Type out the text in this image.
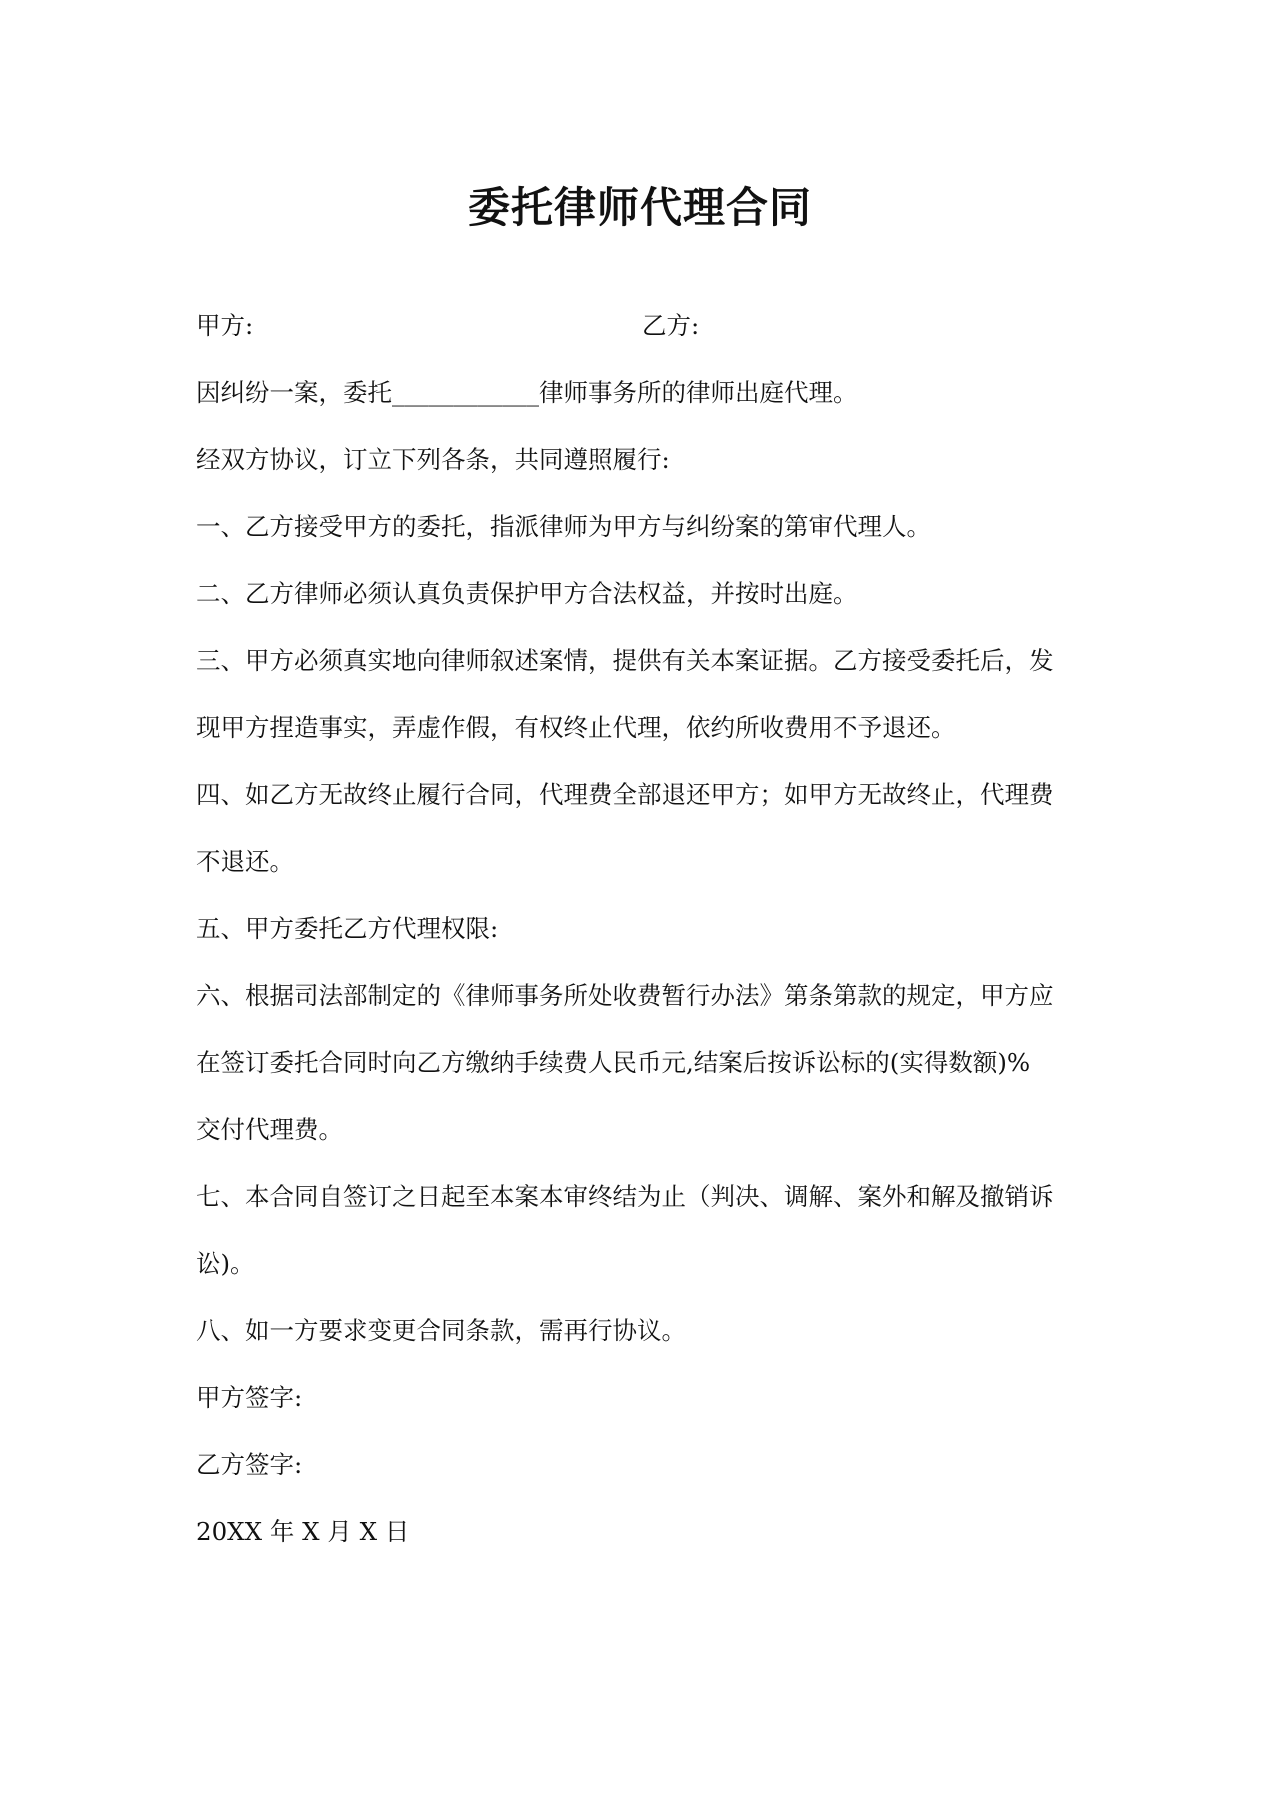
委托律师代理合同
甲方:	乙方:
因纠纷一案，委托____________律师事务所的律师出庭代理。
经双方协议，订立下列各条，共同遵照履行:
一、乙方接受甲方的委托，指派律师为甲方与纠纷案的第审代理人。
二、乙方律师必须认真负责保护甲方合法权益，并按时出庭。
三、甲方必须真实地向律师叙述案情，提供有关本案证据。乙方接受委托后，发
现甲方捏造事实，弄虚作假，有权终止代理，依约所收费用不予退还。
四、如乙方无故终止履行合同，代理费全部退还甲方；如甲方无故终止，代理费
不退还。
五、甲方委托乙方代理权限:
六、根据司法部制定的《律师事务所处收费暂行办法》第条第款的规定，甲方应
在签订委托合同时向乙方缴纳手续费人民币元,结案后按诉讼标的(实得数额)%
交付代理费。
七、本合同自签订之日起至本案本审终结为止（判决、调解、案外和解及撤销诉
讼)。
八、如一方要求变更合同条款，需再行协议。
甲方签字:
乙方签字:
20XX 年 X 月 X 日
